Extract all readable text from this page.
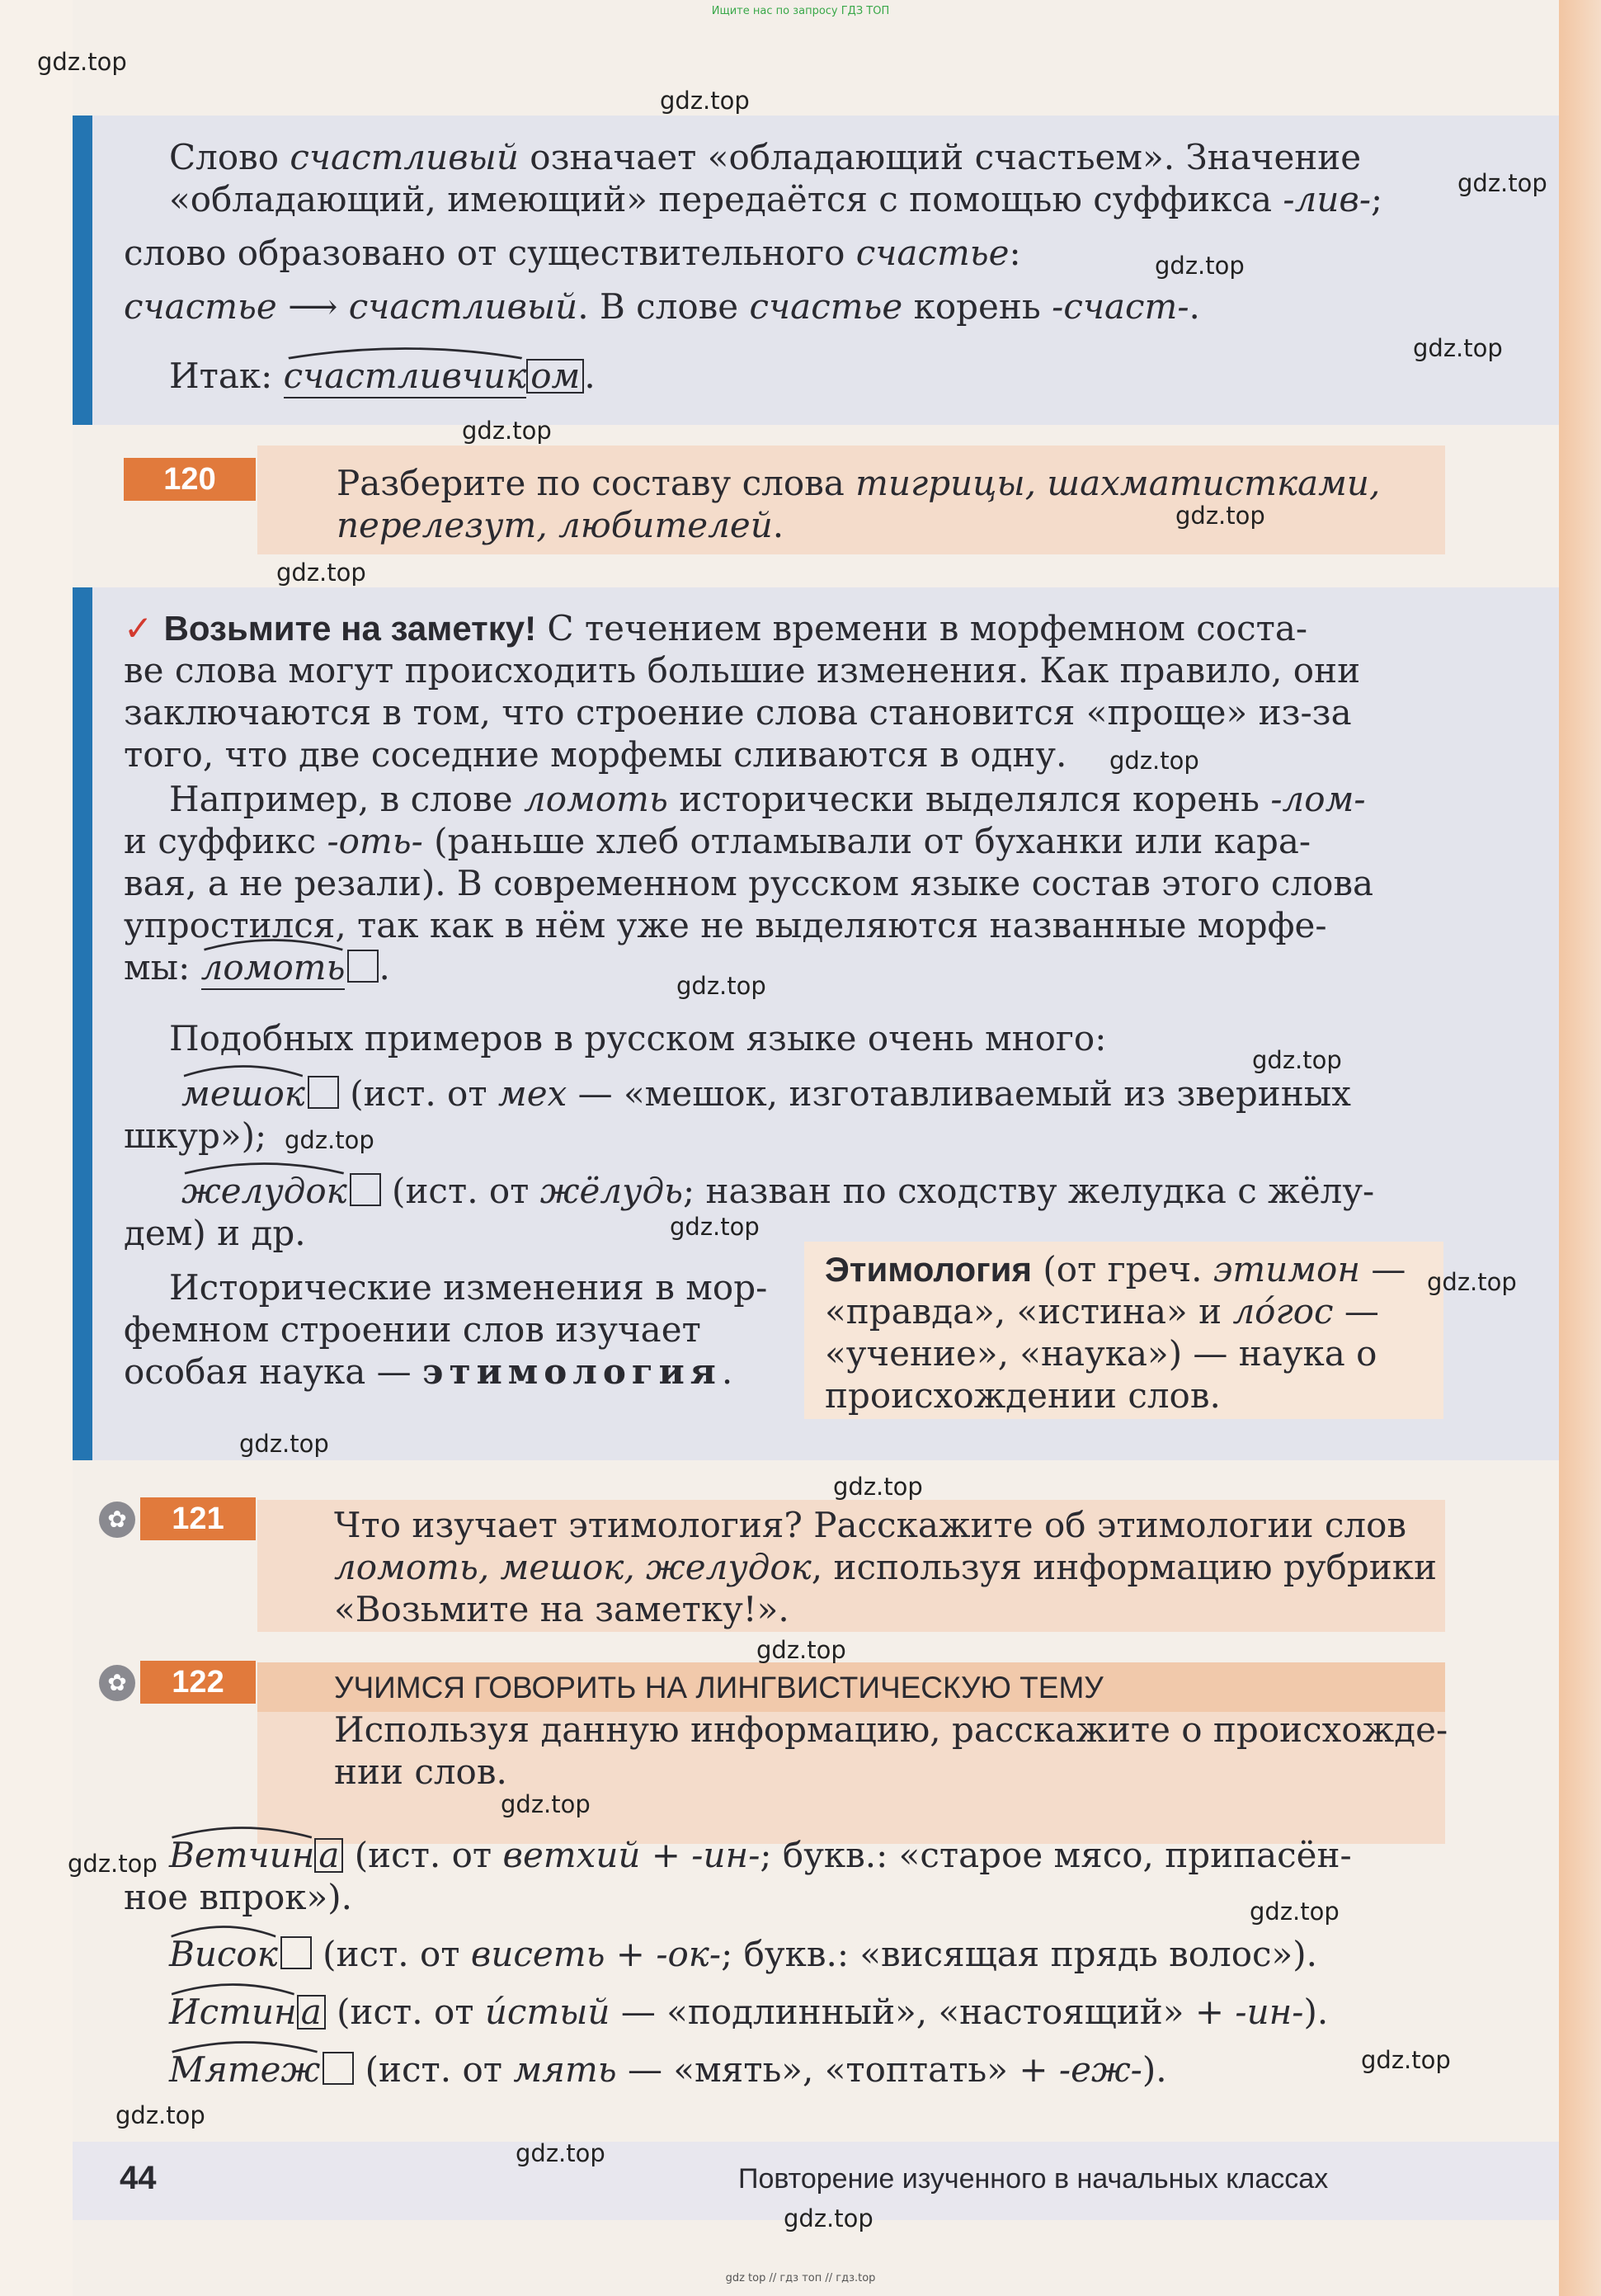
Ищите нас по запросу ГДЗ ТОП
Слово счастливый означает «обладающий счастьем». Значение
«обладающий, имеющий» передаётся с помощью суффикса -лив-;
слово образовано от существительного счастье:
счастье ⟶ счастливый. В слове счастье корень -счаст-.
Итак:
счастливчик ом .
120	Разберите по составу слова тигрицы, шахматистками,
перелезут, любителей.
✓ Возьмите на заметку! С течением времени в морфемном соста-
ве слова могут происходить большие изменения. Как правило, они
заключаются в том, что строение слова становится «проще» из-за
того, что две соседние морфемы сливаются в одну.
Например, в слове ломоть исторически выделялся корень -лом-
и суффикс -оть- (раньше хлеб отламывали от буханки или кара-
вая, а не резали). В современном русском языке состав этого слова
упростился, так как в нём уже не выделяются названные морфе-
мы:
ломоть .
Подобных примеров в русском языке очень много:
мешок (ист. от мех — «мешок, изготавливаемый из звериных
шкур»);
желудок (ист. от жёлудь; назван по сходству желудка с жёлу-
дем) и др.
Исторические изменения в мор-
фемном строении слов изучает
особая наука — этимология.
Этимология (от греч. этимон —
«правда», «истина» и ло́гос —
«учение», «наука») — наука о
происхождении слов.
✿	121	Что изучает этимология? Расскажите об этимологии слов
ломоть, мешок, желудок, используя информацию рубрики
«Возьмите на заметку!».
✿	122	УЧИМСЯ ГОВОРИТЬ НА ЛИНГВИСТИЧЕСКУЮ ТЕМУ
Используя данную информацию, расскажите о происхожде-
нии слов.
Ветчин а (ист. от ветхий + -ин-; букв.: «старое мясо, припасён-
ное впрок»).
Висок (ист. от висеть + -ок-; букв.: «висящая прядь волос»).
Истин а (ист. от и́стый — «подлинный», «настоящий» + -ин-).
Мятеж (ист. от мять — «мять», «топтать» + -еж-).
44	Повторение изученного в начальных классах
gdz top // гдз топ // гдз.top
gdz.top
gdz.top
gdz.top
gdz.top
gdz.top
gdz.top
gdz.top
gdz.top
gdz.top
gdz.top
gdz.top
gdz.top
gdz.top
gdz.top
gdz.top
gdz.top
gdz.top
gdz.top
gdz.top
gdz.top
gdz.top
gdz.top
gdz.top
gdz.top
